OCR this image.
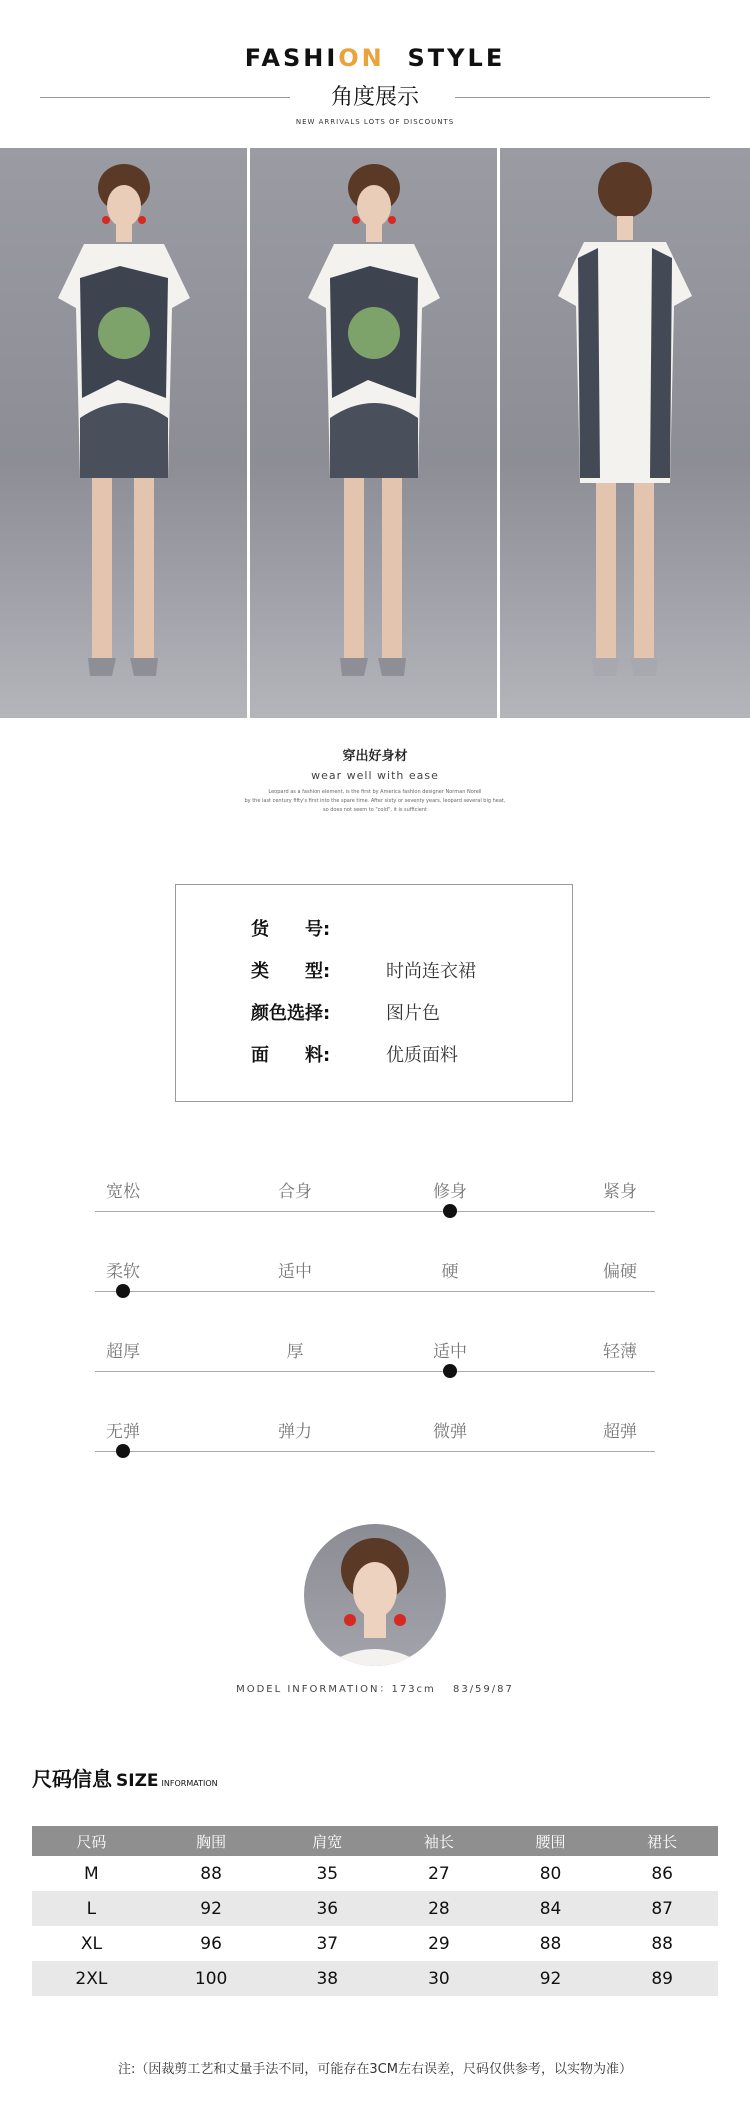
FASHION  STYLE
角度展示
NEW ARRIVALS LOTS OF DISCOUNTS
穿出好身材
wear well with ease
Leopard as a fashion element, is the first by America fashion designer Norman Norell
by the last century fifty's first into the spare time. After sixty or seventy years, leopard several big heat,
so does not seem to "cold", it is sufficient
货　　号:
类　　型:	时尚连衣裙
颜色选择:	图片色
面　　料:	优质面料
宽松	合身	修身	紧身
柔软	适中	硬	偏硬
超厚	厚	适中	轻薄
无弹	弹力	微弹	超弹
MODEL INFORMATION：173cm　 83/59/87
尺码信息 SIZE INFORMATION
尺码	胸围	肩宽	袖长	腰围	裙长
M	88	35	27	80	86
L	92	36	28	84	87
XL	96	37	29	88	88
2XL	100	38	30	92	89
注:（因裁剪工艺和丈量手法不同，可能存在3CM左右误差，尺码仅供参考，以实物为准）
